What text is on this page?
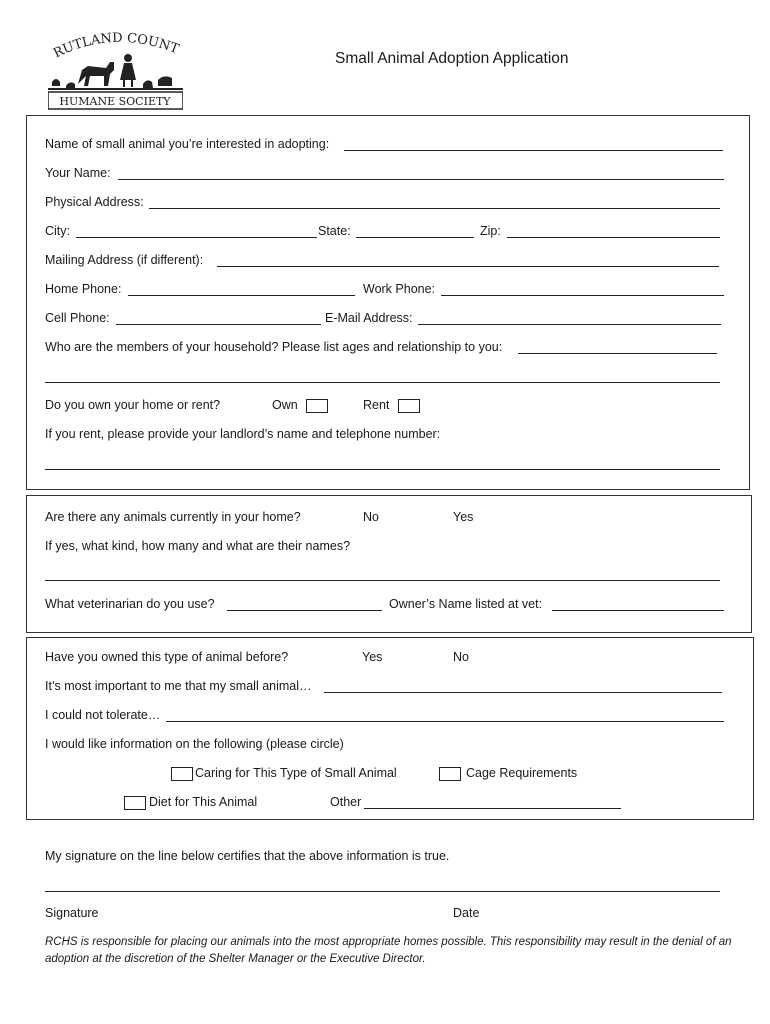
RUTLAND COUNT
HUMANE SOCIETY
Small Animal Adoption Application
Name of small animal you’re interested in adopting:
Your Name:
Physical Address:
City:	State:	Zip:
Mailing Address (if different):
Home Phone:	Work Phone:
Cell Phone:	E-Mail Address:
Who are the members of your household? Please list ages and relationship to you:
Do you own your home or rent?	Own	Rent
If you rent, please provide your landlord’s name and telephone number:
Are there any animals currently in your home?	No	Yes
If yes, what kind, how many and what are their names?
What veterinarian do you use?	Owner’s Name listed at vet:
Have you owned this type of animal before?	Yes	No
It’s most important to me that my small animal…
I could not tolerate…
I would like information on the following (please circle)
Caring for This Type of Small Animal	Cage Requirements
Diet for This Animal	Other
My signature on the line below certifies that the above information is true.
Signature	Date
RCHS is responsible for placing our animals into the most appropriate homes possible. This responsibility may result in the denial of an adoption at the discretion of the Shelter Manager or the Executive Director.
